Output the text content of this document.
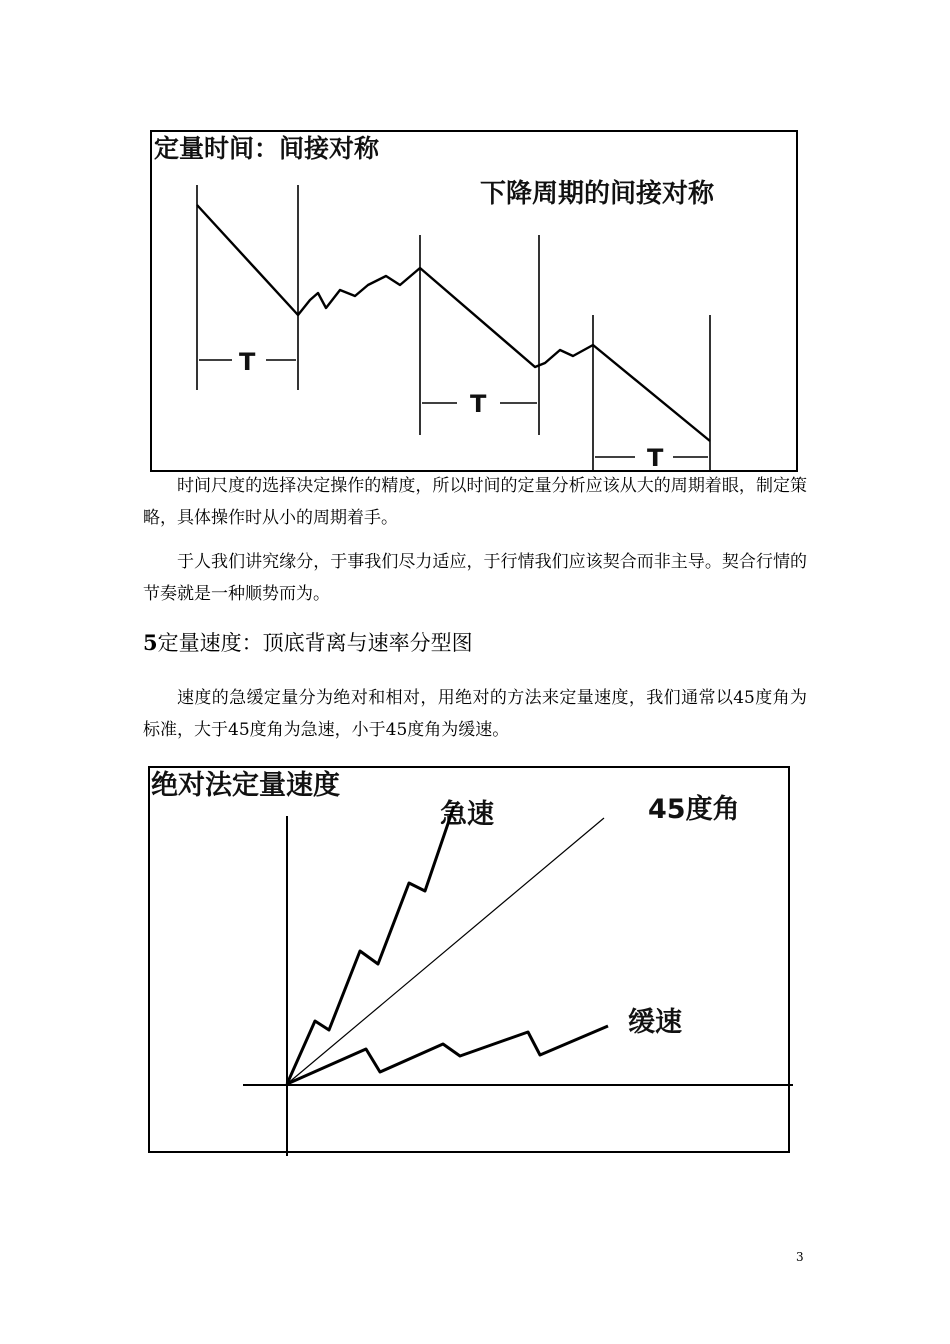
定量时间：间接对称
下降周期的间接对称
T
T
T

时间尺度的选择决定操作的精度，所以时间的定量分析应该从大的周期着眼，制定策略，具体操作时从小的周期着手。

于人我们讲究缘分，于事我们尽力适应，于行情我们应该契合而非主导。契合行情的节奏就是一种顺势而为。

5定量速度：顶底背离与速率分型图

速度的急缓定量分为绝对和相对，用绝对的方法来定量速度，我们通常以45度角为标准，大于45度角为急速，小于45度角为缓速。

绝对法定量速度
急速	45度角
缓速
3
